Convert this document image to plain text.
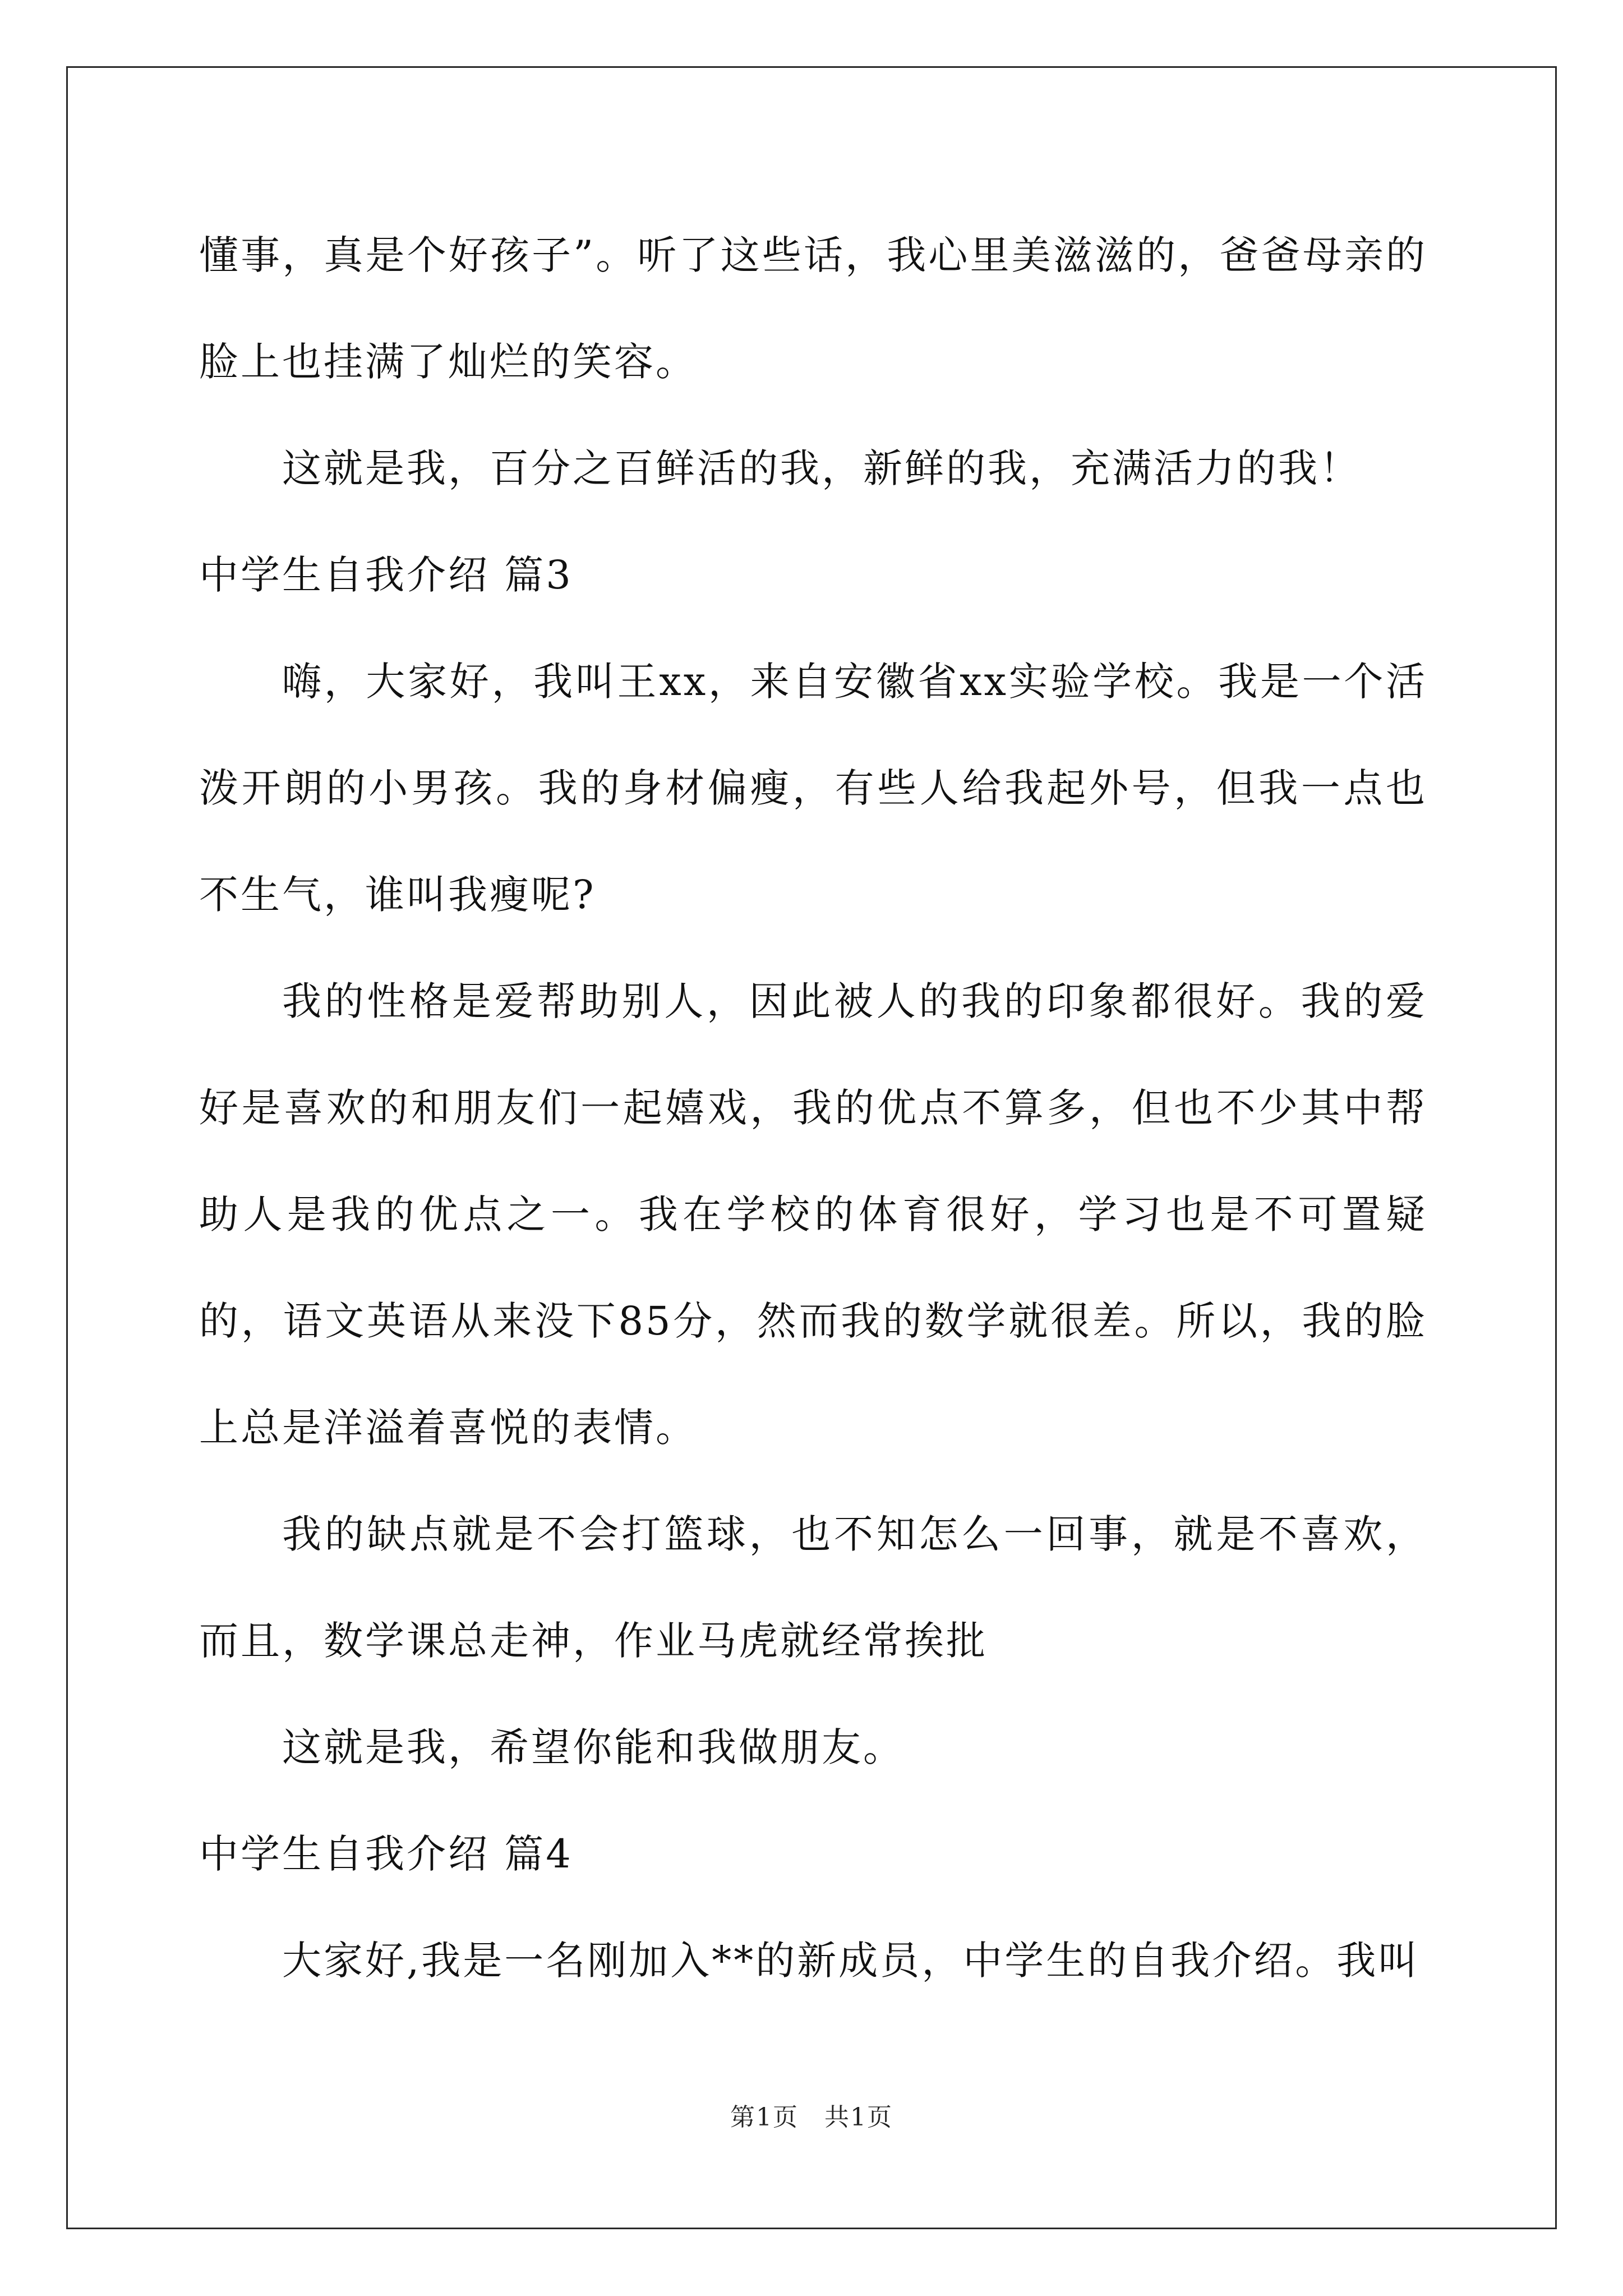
懂事，真是个好孩子”。听了这些话，我心里美滋滋的，爸爸母亲的脸上也挂满了灿烂的笑容。

这就是我，百分之百鲜活的我，新鲜的我，充满活力的我！

中学生自我介绍 篇3

嗨，大家好，我叫王xx，来自安徽省xx实验学校。我是一个活泼开朗的小男孩。我的身材偏瘦，有些人给我起外号，但我一点也不生气，谁叫我瘦呢?

我的性格是爱帮助别人，因此被人的我的印象都很好。我的爱好是喜欢的和朋友们一起嬉戏，我的优点不算多，但也不少其中帮助人是我的优点之一。我在学校的体育很好，学习也是不可置疑的，语文英语从来没下85分，然而我的数学就很差。所以，我的脸上总是洋溢着喜悦的表情。

我的缺点就是不会打篮球，也不知怎么一回事，就是不喜欢，而且，数学课总走神，作业马虎就经常挨批

这就是我，希望你能和我做朋友。

中学生自我介绍 篇4

大家好,我是一名刚加入**的新成员，中学生的自我介绍。我叫

第1页　共1页
